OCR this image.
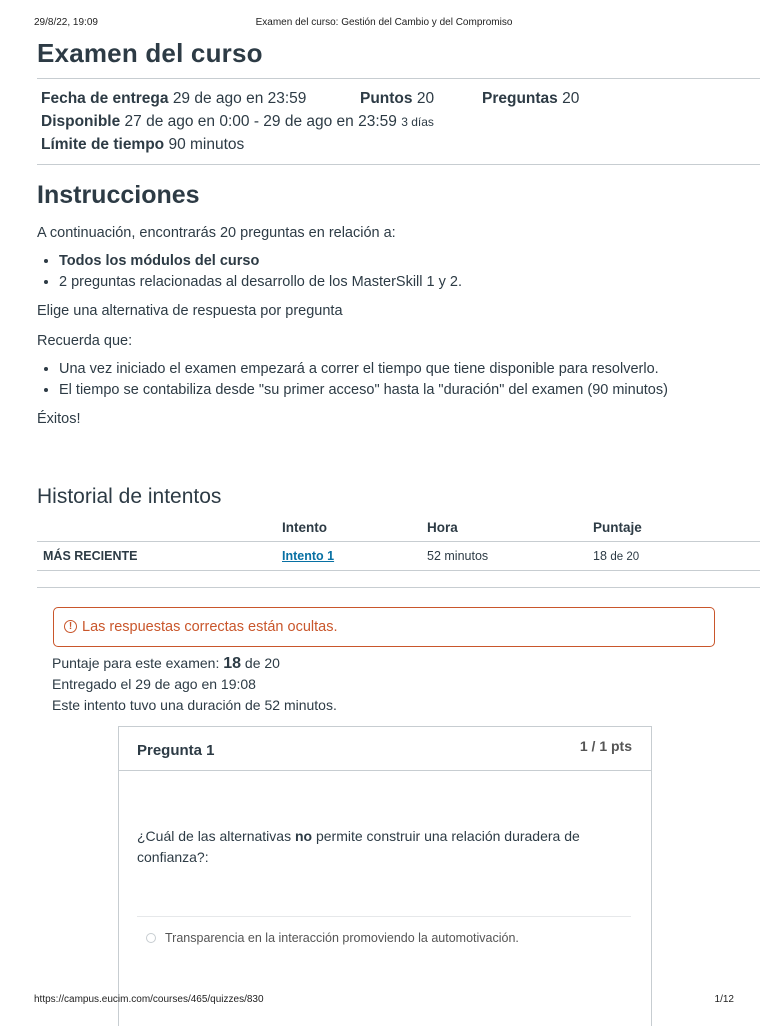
29/8/22, 19:09	Examen del curso: Gestión del Cambio y del Compromiso
Examen del curso
Fecha de entrega 29 de ago en 23:59	Puntos 20	Preguntas 20
Disponible 27 de ago en 0:00 - 29 de ago en 23:59 3 días
Límite de tiempo 90 minutos
Instrucciones

A continuación, encontrarás 20 preguntas en relación a:

• Todos los módulos del curso
• 2 preguntas relacionadas al desarrollo de los MasterSkill 1 y 2.

Elige una alternativa de respuesta por pregunta

Recuerda que:

• Una vez iniciado el examen empezará a correr el tiempo que tiene disponible para resolverlo.
• El tiempo se contabiliza desde "su primer acceso" hasta la "duración" del examen (90 minutos)

Éxitos!

Historial de intentos
	Intento	Hora	Puntaje
MÁS RECIENTE	Intento 1	52 minutos	18 de 20
! Las respuestas correctas están ocultas.
Puntaje para este examen: 18 de 20
Entregado el 29 de ago en 19:08
Este intento tuvo una duración de 52 minutos.
Pregunta 1	1 / 1 pts
¿Cuál de las alternativas no permite construir una relación duradera de confianza?:
Transparencia en la interacción promoviendo la automotivación.
https://campus.eucim.com/courses/465/quizzes/830	1/12
